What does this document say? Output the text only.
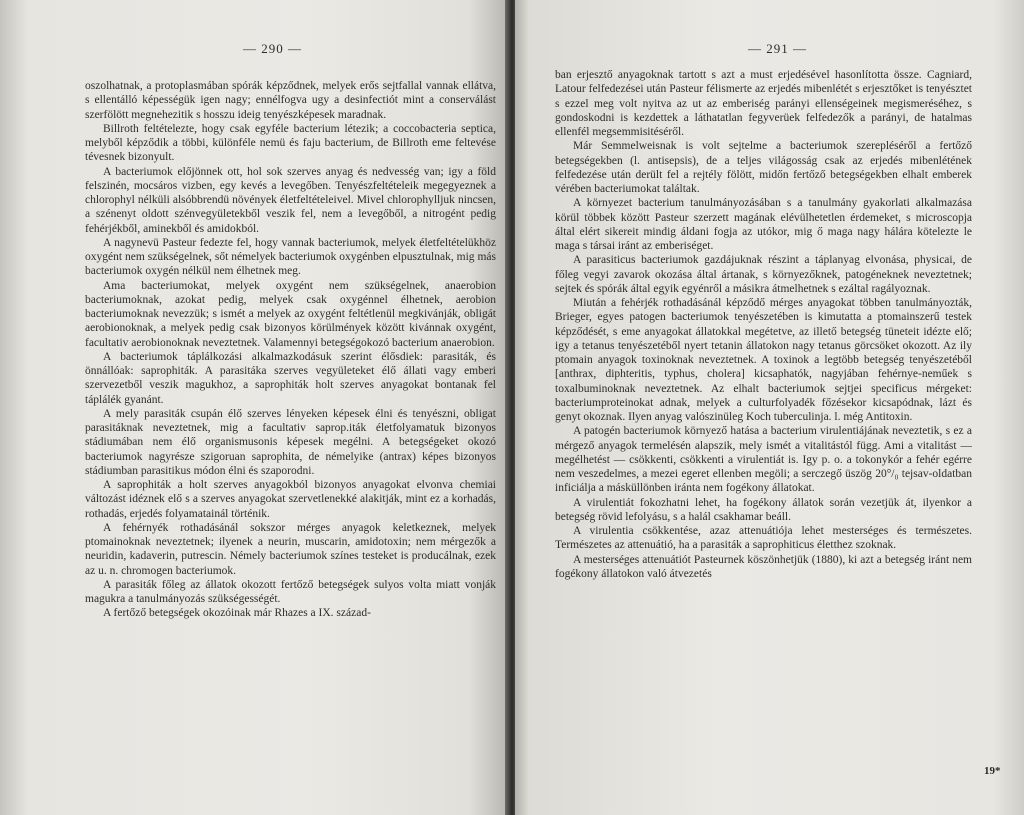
— 290 —

oszolhatnak, a protoplasmában spórák képződnek, melyek erős sejtfallal vannak ellátva, s ellentálló képességük igen nagy; ennélfogva ugy a desinfectiót mint a conserválást szerfölött megnehezitik s hosszu ideig tenyészképesek maradnak.

Billroth feltételezte, hogy csak egyféle bacterium létezik; a coccobacteria septica, melyből képződik a többi, különféle nemü és faju bacterium, de Billroth eme feltevése tévesnek bizonyult.

A bacteriumok előjönnek ott, hol sok szerves anyag és nedvesség van; igy a föld felszinén, mocsáros vizben, egy kevés a levegőben. Tenyészfeltételeik megegyeznek a chlorophyl nélküli alsóbbrendü növények életfeltételeivel. Mivel chlorophylljuk nincsen, a szénenyt oldott szénvegyületekből veszik fel, nem a levegőből, a nitrogént pedig fehérjékből, aminekből és amidokból.

A nagynevü Pasteur fedezte fel, hogy vannak bacteriumok, melyek életfeltételükhöz oxygént nem szükségelnek, sőt némelyek bacteriumok oxygénben elpusztulnak, mig más bacteriumok oxygén nélkül nem élhetnek meg.

Ama bacteriumokat, melyek oxygént nem szükségelnek, anaerobion bacteriumoknak, azokat pedig, melyek csak oxygénnel élhetnek, aerobion bacteriumoknak nevezzük; s ismét a melyek az oxygént feltétlenül megkivánják, obligát aerobionoknak, a melyek pedig csak bizonyos körülmények között kivánnak oxygént, facultativ aerobionoknak neveztetnek. Valamennyi betegségokozó bacterium anaerobion.

A bacteriumok táplálkozási alkalmazkodásuk szerint élősdiek: parasiták, és önnállóak: saprophiták. A parasitáka szerves vegyületeket élő állati vagy emberi szervezetből veszik magukhoz, a saprophiták holt szerves anyagokat bontanak fel táplálék gyanánt.

A mely parasiták csupán élő szerves lényeken képesek élni és tenyészni, obligat parasitáknak neveztetnek, mig a facultativ saprop.iták életfolyamatuk bizonyos stádiumában nem élő organismusonis képesek megélni. A betegségeket okozó bacteriumok nagyrésze szigoruan saprophita, de némelyike (antrax) képes bizonyos stádiumban parasitikus módon élni és szaporodni.

A saprophiták a holt szerves anyagokból bizonyos anyagokat elvonva chemiai változást idéznek elő s a szerves anyagokat szervetlenekké alakitják, mint ez a korhadás, rothadás, erjedés folyamatainál történik.

A fehérnyék rothadásánál sokszor mérges anyagok keletkeznek, melyek ptomainoknak neveztetnek; ilyenek a neurin, muscarin, amidotoxin; nem mérgezők a neuridin, kadaverin, putrescin. Némely bacteriumok színes testeket is producálnak, ezek az u. n. chromogen bacteriumok.

A parasiták főleg az állatok okozott fertőző betegségek sulyos volta miatt vonják magukra a tanulmányozás szükségességét.

A fertőző betegségek okozóinak már Rhazes a IX. század-

— 291 —

ban erjesztő anyagoknak tartott s azt a must erjedésével hasonlította össze. Cagniard, Latour felfedezései után Pasteur félismerte az erjedés mibenlétét s erjesztőket is tenyésztet s ezzel meg volt nyitva az ut az emberiség parányi ellenségeinek megismeréséhez, s gondoskodni is kezdettek a láthatatlan fegyverüek felfedezők a parányi, de hatalmas ellenfél megsemmisitéséről.

Már Semmelweisnak is volt sejtelme a bacteriumok szerepléséről a fertőző betegségekben (l. antisepsis), de a teljes világosság csak az erjedés mibenlétének felfedezése után derült fel a rejtély fölött, midőn fertőző betegségekben elhalt emberek vérében bacteriumokat találtak.

A környezet bacterium tanulmányozásában s a tanulmány gyakorlati alkalmazása körül többek között Pasteur szerzett magának elévülhetetlen érdemeket, s microscopja által elért sikereit mindig áldani fogja az utókor, mig ő maga nagy hálára kötelezte le maga s társai iránt az emberiséget.

A parasiticus bacteriumok gazdájuknak részint a táplanyag elvonása, physicai, de főleg vegyi zavarok okozása által ártanak, s környezőknek, patogéneknek neveztetnek; sejtek és spórák által egyik egyénről a másikra átmelhetnek s ezáltal ragályoznak.

Miután a fehérjék rothadásánál képződő mérges anyagokat többen tanulmányozták, Brieger, egyes patogen bacteriumok tenyészetében is kimutatta a ptomainszerű testek képződését, s eme anyagokat állatokkal megétetve, az illető betegség tüneteit idézte elő; igy a tetanus tenyészetéből nyert tetanin állatokon nagy tetanus görcsöket okozott. Az ily ptomain anyagok toxinoknak neveztetnek. A toxinok a legtöbb betegség tenyészetéből [anthrax, diphteritis, typhus, cholera] kicsaphatók, nagyjában fehérnye-neműek s toxalbuminoknak neveztetnek. Az elhalt bacteriumok sejtjei specificus mérgeket: bacteriumproteinokat adnak, melyek a culturfolyadék főzésekor kicsapódnak, lázt és genyt okoznak. Ilyen anyag valószinüleg Koch tuberculinja. l. még Antitoxin.

A patogén bacteriumok környező hatása a bacterium virulentiájának neveztetik, s ez a mérgező anyagok termelésén alapszik, mely ismét a vitalitástól függ. Ami a vitalitást — megélhetést — csökkenti, csökkenti a virulentiát is. Igy p. o. a tokonykór a fehér egérre nem veszedelmes, a mezei egeret ellenben megöli; a serczegő üszög 20°/₀ tejsav-oldatban inficiálja a másküllönben iránta nem fogékony állatokat.

A virulentiát fokozhatni lehet, ha fogékony állatok során vezetjük át, ilyenkor a betegség rövid lefolyásu, s a halál csakhamar beáll.

A virulentia csökkentése, azaz attenuátiója lehet mesterséges és természetes. Természetes az attenuátió, ha a parasiták a saprophiticus életthez szoknak.

A mesterséges attenuátiót Pasteurnek köszönhetjük (1880), ki azt a betegség iránt nem fogékony állatokon való átvezetés

19*
